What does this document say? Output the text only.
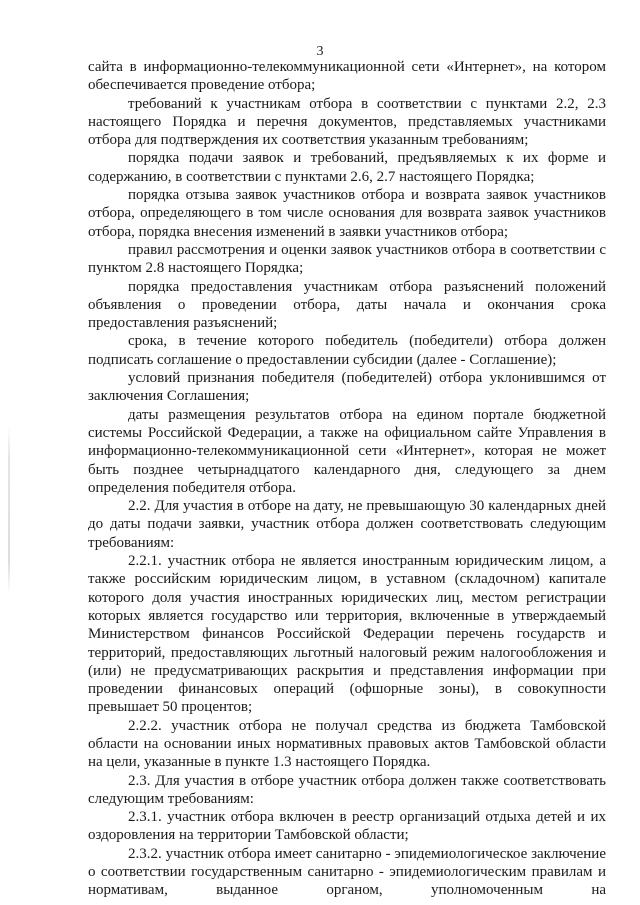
3

сайта в информационно-телекоммуникационной сети «Интернет», на котором обеспечивается проведение отбора;

требований к участникам отбора в соответствии с пунктами 2.2, 2.3 настоящего Порядка и перечня документов, представляемых участниками отбора для подтверждения их соответствия указанным требованиям;

порядка подачи заявок и требований, предъявляемых к их форме и содержанию, в соответствии с пунктами 2.6, 2.7 настоящего Порядка;

порядка отзыва заявок участников отбора и возврата заявок участников отбора, определяющего в том числе основания для возврата заявок участников отбора, порядка внесения изменений в заявки участников отбора;

правил рассмотрения и оценки заявок участников отбора в соответствии с пунктом 2.8 настоящего Порядка;

порядка предоставления участникам отбора разъяснений положений объявления о проведении отбора, даты начала и окончания срока предоставления разъяснений;

срока, в течение которого победитель (победители) отбора должен подписать соглашение о предоставлении субсидии (далее - Соглашение);

условий признания победителя (победителей) отбора уклонившимся от заключения Соглашения;

даты размещения результатов отбора на едином портале бюджетной системы Российской Федерации, а также на официальном сайте Управления в информационно-телекоммуникационной сети «Интернет», которая не может быть позднее четырнадцатого календарного дня, следующего за днем определения победителя отбора.

2.2. Для участия в отборе на дату, не превышающую 30 календарных дней до даты подачи заявки, участник отбора должен соответствовать следующим требованиям:

2.2.1. участник отбора не является иностранным юридическим лицом, а также российским юридическим лицом, в уставном (складочном) капитале которого доля участия иностранных юридических лиц, местом регистрации которых является государство или территория, включенные в утверждаемый Министерством финансов Российской Федерации перечень государств и территорий, предоставляющих льготный налоговый режим налогообложения и (или) не предусматривающих раскрытия и представления информации при проведении финансовых операций (офшорные зоны), в совокупности превышает 50 процентов;

2.2.2. участник отбора не получал средства из бюджета Тамбовской области на основании иных нормативных правовых актов Тамбовской области на цели, указанные в пункте 1.3 настоящего Порядка.

2.3. Для участия в отборе участник отбора должен также соответствовать следующим требованиям:

2.3.1. участник отбора включен в реестр организаций отдыха детей и их оздоровления на территории Тамбовской области;

2.3.2. участник отбора имеет санитарно - эпидемиологическое заключение о соответствии государственным санитарно - эпидемиологическим правилам и нормативам, выданное органом, уполномоченным на
